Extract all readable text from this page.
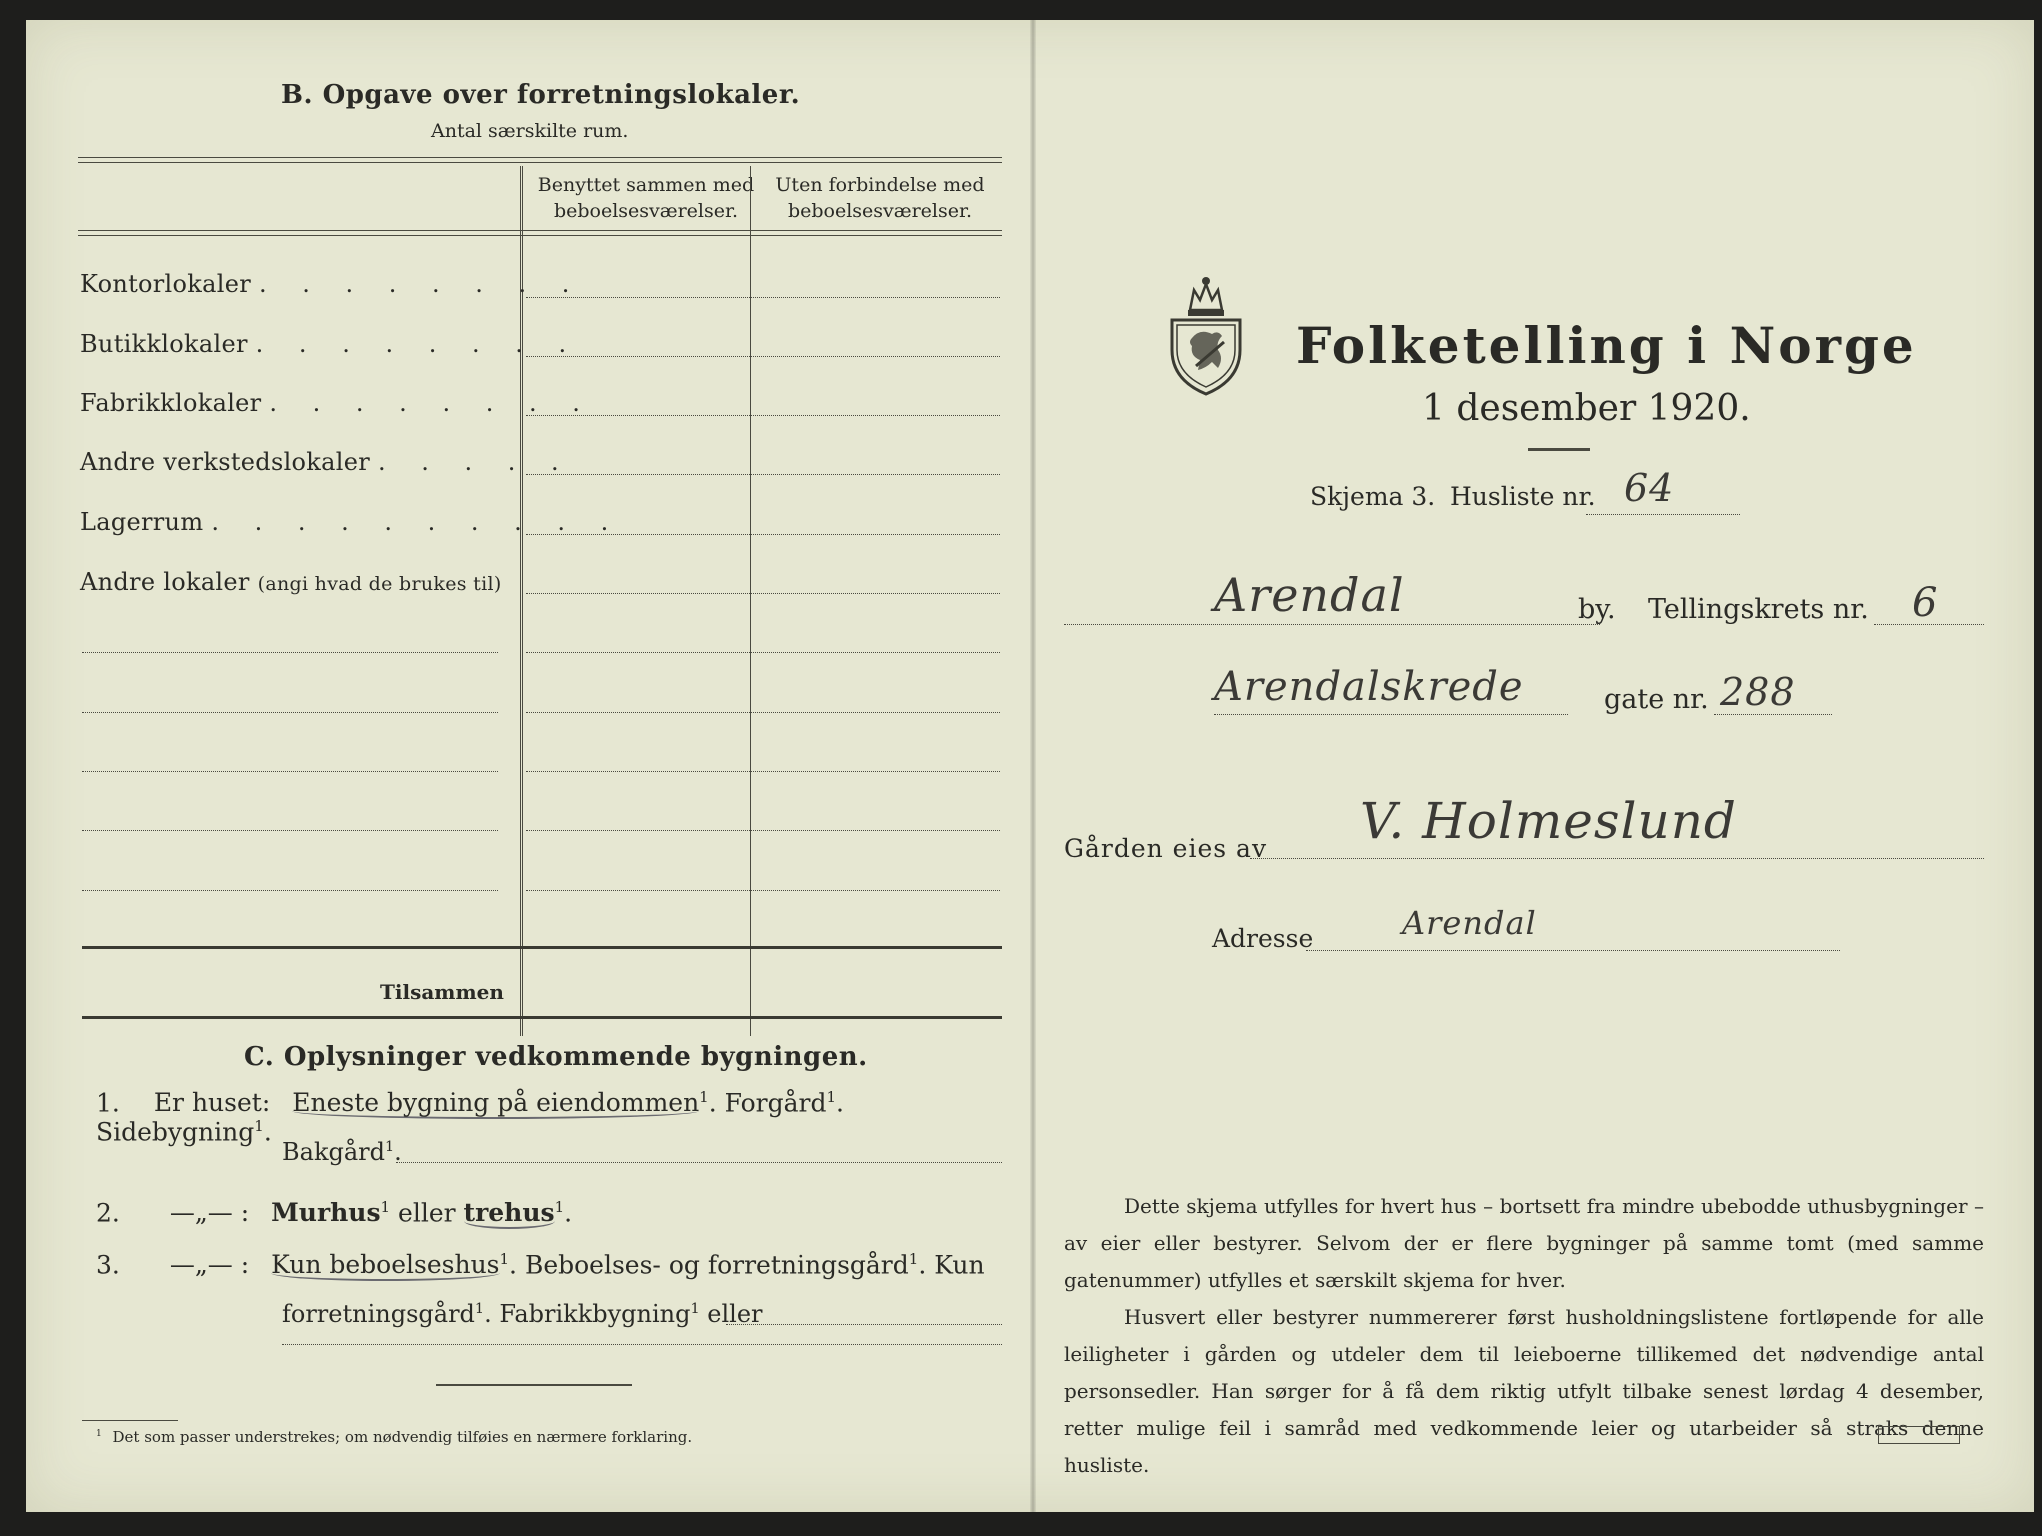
B. Opgave over forretningslokaler.
Antal særskilte rum.
Benyttet sammen med beboelsesværelser.
Uten forbindelse med beboelsesværelser.
Kontorlokaler . . . . . . . .
Butikklokaler . . . . . . . .
Fabrikklokaler . . . . . . . .
Andre verkstedslokaler . . . . .
Lagerrum . . . . . . . . . .
Andre lokaler (angi hvad de brukes til)
Tilsammen
C. Oplysninger vedkommende bygningen.
1. Er huset: Eneste bygning på eiendommen$^1$. Forgård$^1$. Sidebygning$^1$.
Bakgård$^1$.
2. —„— : Murhus$^1$ eller trehus$^1$.
3. —„— : Kun beboelseshus$^1$. Beboelses- og forretningsgård$^1$. Kun
forretningsgård$^1$. Fabrikkbygning$^1$ eller
$^1$ Det som passer understrekes; om nødvendig tilføies en nærmere forklaring.
Folketelling i Norge
1 desember 1920.
Skjema 3. Husliste nr. 64
Arendal	by. Tellingskrets nr. 6
Arendalskrede	gate nr. 288
Gården eies av V. Holmeslund
Adresse	Arendal

Dette skjema utfylles for hvert hus – bortsett fra mindre ubebodde uthusbygninger – av eier eller bestyrer. Selvom der er flere bygninger på samme tomt (med samme gatenummer) utfylles et særskilt skjema for hver.

Husvert eller bestyrer nummererer først husholdningslistene fortløpende for alle leiligheter i gården og utdeler dem til leieboerne tillikemed det nødvendige antal personsedler. Han sørger for å få dem riktig utfylt tilbake senest lørdag 4 desember, retter mulige feil i samråd med vedkommende leier og utarbeider så straks denne husliste.
